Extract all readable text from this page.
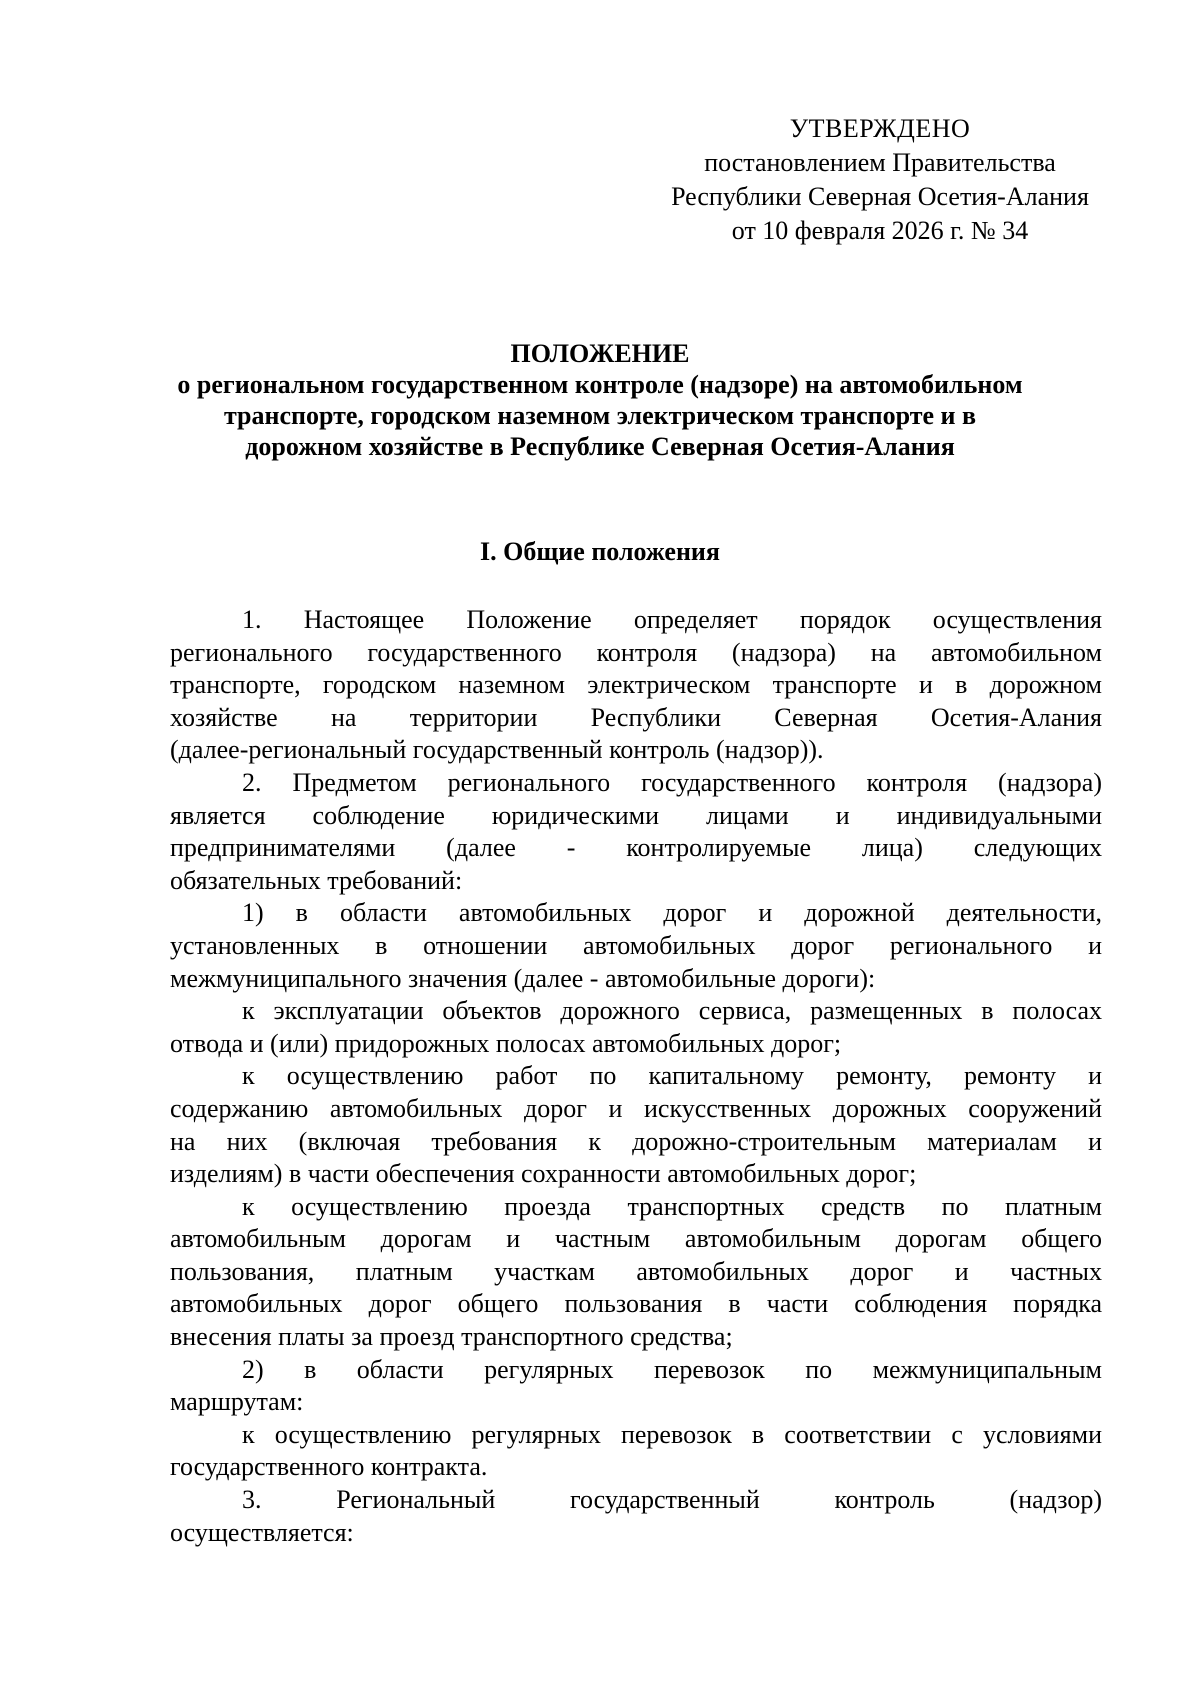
УТВЕРЖДЕНО
постановлением Правительства
Республики Северная Осетия-Алания
от 10 февраля 2026 г. № 34
ПОЛОЖЕНИЕ
о региональном государственном контроле (надзоре) на автомобильном
транспорте, городском наземном электрическом транспорте и в
дорожном хозяйстве в Республике Северная Осетия-Алания
I. Общие положения
1. Настоящее Положение определяет порядок осуществления
регионального государственного контроля (надзора) на автомобильном
транспорте, городском наземном электрическом транспорте и в дорожном
хозяйстве на территории Республики Северная Осетия-Алания
(далее-региональный государственный контроль (надзор)).
2. Предметом регионального государственного контроля (надзора)
является соблюдение юридическими лицами и индивидуальными
предпринимателями (далее - контролируемые лица) следующих
обязательных требований:
1) в области автомобильных дорог и дорожной деятельности,
установленных в отношении автомобильных дорог регионального и
межмуниципального значения (далее - автомобильные дороги):
к эксплуатации объектов дорожного сервиса, размещенных в полосах
отвода и (или) придорожных полосах автомобильных дорог;
к осуществлению работ по капитальному ремонту, ремонту и
содержанию автомобильных дорог и искусственных дорожных сооружений
на них (включая требования к дорожно-строительным материалам и
изделиям) в части обеспечения сохранности автомобильных дорог;
к осуществлению проезда транспортных средств по платным
автомобильным дорогам и частным автомобильным дорогам общего
пользования, платным участкам автомобильных дорог и частных
автомобильных дорог общего пользования в части соблюдения порядка
внесения платы за проезд транспортного средства;
2) в области регулярных перевозок по межмуниципальным
маршрутам:
к осуществлению регулярных перевозок в соответствии с условиями
государственного контракта.
3. Региональный государственный контроль (надзор)
осуществляется:
